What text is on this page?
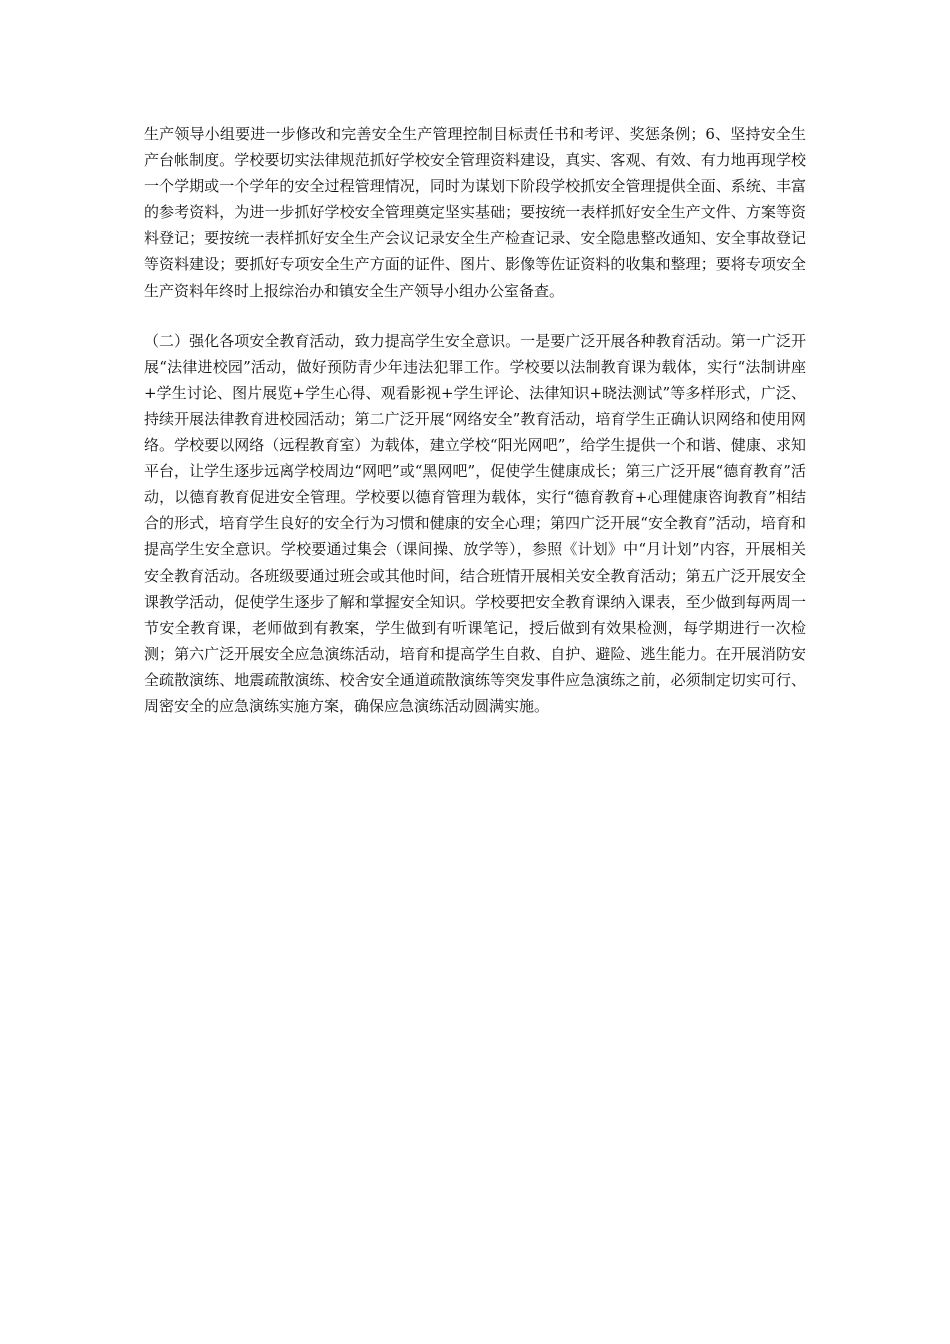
生产领导小组要进一步修改和完善安全生产管理控制目标责任书和考评、奖惩条例；6、坚持安全生产台帐制度。学校要切实法律规范抓好学校安全管理资料建设，真实、客观、有效、有力地再现学校一个学期或一个学年的安全过程管理情况，同时为谋划下阶段学校抓安全管理提供全面、系统、丰富的参考资料，为进一步抓好学校安全管理奠定坚实基础；要按统一表样抓好安全生产文件、方案等资料登记；要按统一表样抓好安全生产会议记录安全生产检查记录、安全隐患整改通知、安全事故登记等资料建设；要抓好专项安全生产方面的证件、图片、影像等佐证资料的收集和整理；要将专项安全生产资料年终时上报综治办和镇安全生产领导小组办公室备查。

（二）强化各项安全教育活动，致力提高学生安全意识。一是要广泛开展各种教育活动。第一广泛开展“法律进校园”活动，做好预防青少年违法犯罪工作。学校要以法制教育课为载体，实行“法制讲座+学生讨论、图片展览+学生心得、观看影视+学生评论、法律知识+晓法测试”等多样形式，广泛、持续开展法律教育进校园活动；第二广泛开展“网络安全”教育活动，培育学生正确认识网络和使用网络。学校要以网络（远程教育室）为载体，建立学校“阳光网吧”，给学生提供一个和谐、健康、求知平台，让学生逐步远离学校周边“网吧”或“黑网吧”，促使学生健康成长；第三广泛开展“德育教育”活动，以德育教育促进安全管理。学校要以德育管理为载体，实行“德育教育+心理健康咨询教育”相结合的形式，培育学生良好的安全行为习惯和健康的安全心理；第四广泛开展“安全教育”活动，培育和提高学生安全意识。学校要通过集会（课间操、放学等），参照《计划》中“月计划”内容，开展相关安全教育活动。各班级要通过班会或其他时间，结合班情开展相关安全教育活动；第五广泛开展安全课教学活动，促使学生逐步了解和掌握安全知识。学校要把安全教育课纳入课表，至少做到每两周一节安全教育课，老师做到有教案，学生做到有听课笔记，授后做到有效果检测，每学期进行一次检测；第六广泛开展安全应急演练活动，培育和提高学生自救、自护、避险、逃生能力。在开展消防安全疏散演练、地震疏散演练、校舍安全通道疏散演练等突发事件应急演练之前，必须制定切实可行、周密安全的应急演练实施方案，确保应急演练活动圆满实施。
